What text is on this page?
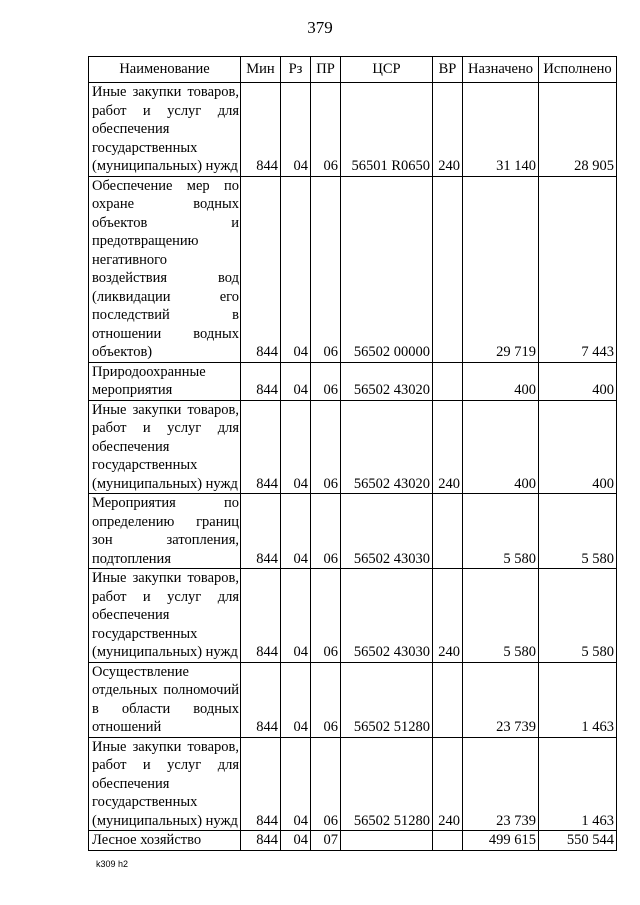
379
Наименование	Мин	Рз	ПР	ЦСР	ВР	Назначено	Исполнено
Иные закупки товаров, работ и услуг для обеспечения государственных (муниципальных) нужд	844	04	06	56501 R0650	240	31 140	28 905
Обеспечение мер по охране водных объектов и предотвращению негативного воздействия вод (ликвидации его последствий в отношении водных объектов)	844	04	06	56502 00000		29 719	7 443
Природоохранные мероприятия	844	04	06	56502 43020		400	400
Иные закупки товаров, работ и услуг для обеспечения государственных (муниципальных) нужд	844	04	06	56502 43020	240	400	400
Мероприятия по определению границ зон затопления, подтопления	844	04	06	56502 43030		5 580	5 580
Иные закупки товаров, работ и услуг для обеспечения государственных (муниципальных) нужд	844	04	06	56502 43030	240	5 580	5 580
Осуществление отдельных полномочий в области водных отношений	844	04	06	56502 51280		23 739	1 463
Иные закупки товаров, работ и услуг для обеспечения государственных (муниципальных) нужд	844	04	06	56502 51280	240	23 739	1 463
Лесное хозяйство	844	04	07			499 615	550 544
k309 h2
